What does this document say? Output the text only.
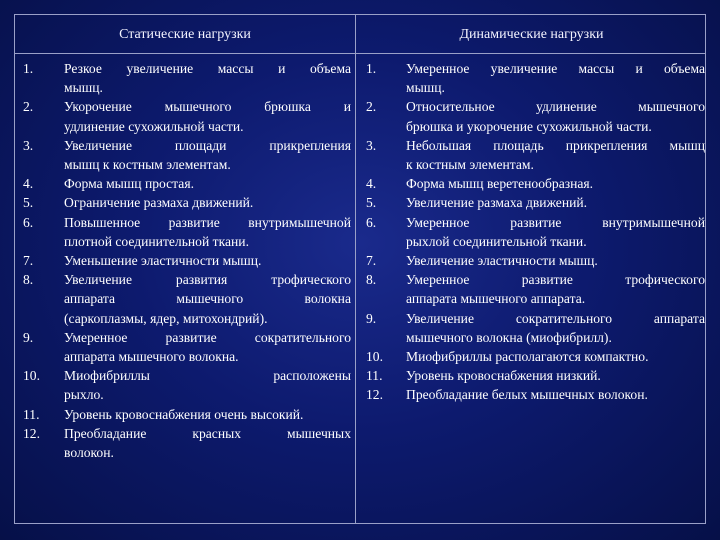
Статические нагрузки	Динамические нагрузки
1. Резкое увеличение массы и объема
мышц.
2. Укорочение мышечного брюшка и
удлинение сухожильной части.
3. Увеличение площади прикрепления
мышц к костным элементам.
4. Форма мышц простая.
5. Ограничение размаха движений.
6. Повышенное развитие внутримышечной
плотной соединительной ткани.
7. Уменьшение эластичности мышц.
8. Увеличение развития трофического
аппарата мышечного волокна
(саркоплазмы, ядер, митохондрий).
9. Умеренное развитие сократительного
аппарата мышечного волокна.
10. Миофибриллы расположены
рыхло.
11. Уровень кровоснабжения очень высокий.
12. Преобладание красных мышечных
волокон.
1. Умеренное увеличение массы и объема
мышц.
2. Относительное удлинение мышечного
брюшка и укорочение сухожильной части.
3. Небольшая площадь прикрепления мышц
к костным элементам.
4. Форма мышц веретенообразная.
5. Увеличение размаха движений.
6. Умеренное развитие внутримышечной
рыхлой соединительной ткани.
7. Увеличение эластичности мышц.
8. Умеренное развитие трофического
аппарата мышечного аппарата.
9. Увеличение сократительного аппарата
мышечного волокна (миофибрилл).
10. Миофибриллы располагаются компактно.
11. Уровень кровоснабжения низкий.
12. Преобладание белых мышечных волокон.
